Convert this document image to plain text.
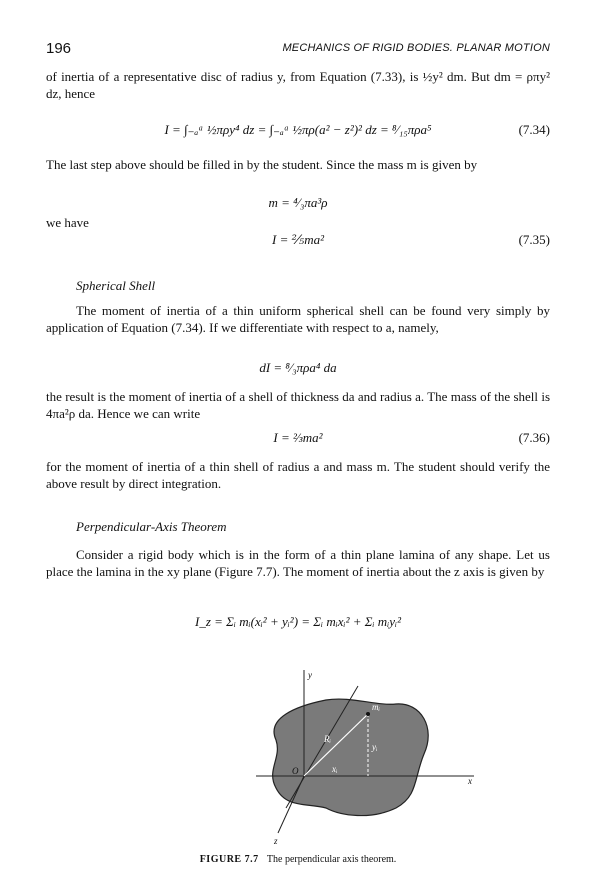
196	MECHANICS OF RIGID BODIES. PLANAR MOTION
of inertia of a representative disc of radius y, from Equation (7.33), is ½y² dm. But dm = ρπy² dz, hence
I = ∫₋ₐᵃ ½πρy⁴ dz = ∫₋ₐᵃ ½πρ(a² − z²)² dz = ⁸⁄₁₅πρa⁵	(7.34)
The last step above should be filled in by the student. Since the mass m is given by
m = ⁴⁄₃πa³ρ
we have
I = ⅖ma²	(7.35)
Spherical Shell
The moment of inertia of a thin uniform spherical shell can be found very simply by application of Equation (7.34). If we differentiate with respect to a, namely,
dI = ⁸⁄₃πρa⁴ da
the result is the moment of inertia of a shell of thickness da and radius a. The mass of the shell is 4πa²ρ da. Hence we can write
I = ⅔ma²	(7.36)
for the moment of inertia of a thin shell of radius a and mass m. The student should verify the above result by direct integration.
Perpendicular-Axis Theorem
Consider a rigid body which is in the form of a thin plane lamina of any shape. Let us place the lamina in the xy plane (Figure 7.7). The moment of inertia about the z axis is given by
I_z = Σᵢ mᵢ(xᵢ² + yᵢ²) = Σᵢ mᵢxᵢ² + Σᵢ mᵢyᵢ²
y
x
z
O
mᵢ
Rᵢ
yᵢ
xᵢ
FIGURE 7.7 The perpendicular axis theorem.
